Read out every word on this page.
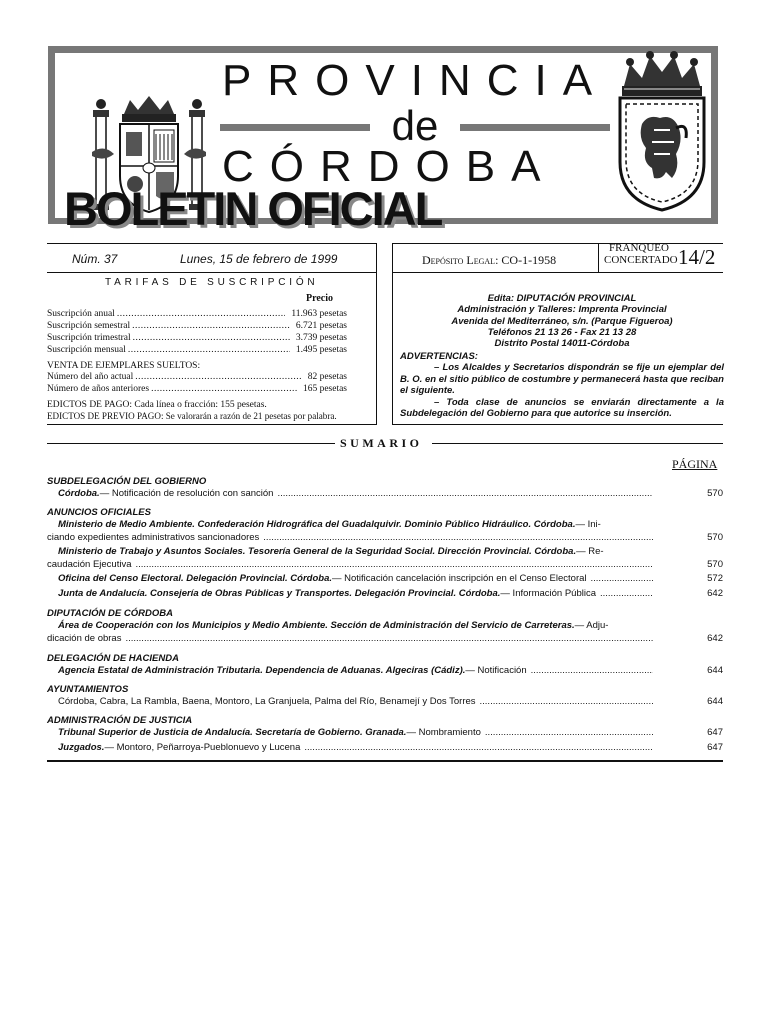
PROVINCIA
de
CÓRDOBA
BOLETIN OFICIAL
Núm. 37	Lunes, 15 de febrero de 1999	Depósito Legal: CO-1-1958
FRANQUEO
CONCERTADO 14/2
TARIFAS DE SUSCRIPCIÓN
Precio
Suscripción anual .....	11.963 pesetas
Suscripción semestral .....	6.721 pesetas
Suscripción trimestral .....	3.739 pesetas
Suscripción mensual .....	1.495 pesetas
VENTA DE EJEMPLARES SUELTOS:
Número del año actual .....	82 pesetas
Número de años anteriores .....	165 pesetas
EDICTOS DE PAGO: Cada línea o fracción: 155 pesetas.
EDICTOS DE PREVIO PAGO: Se valorarán a razón de 21 pesetas por palabra.
Edita: DIPUTACIÓN PROVINCIAL
Administración y Talleres: Imprenta Provincial
Avenida del Mediterráneo, s/n. (Parque Figueroa)
Teléfonos 21 13 26 - Fax 21 13 28
Distrito Postal 14011-Córdoba
ADVERTENCIAS:
– Los Alcaldes y Secretarios dispondrán se fije un ejemplar del B. O. en el sitio público de costumbre y permanecerá hasta que reciban el siguiente.
– Toda clase de anuncios se enviarán directamente a la Subdelegación del Gobierno para que autorice su inserción.
SUMARIO
PÁGINA
SUBDELEGACIÓN DEL GOBIERNO
Córdoba. — Notificación de resolución con sanción .....	570
ANUNCIOS OFICIALES
Ministerio de Medio Ambiente. Confederación Hidrográfica del Guadalquivir. Dominio Público Hidráulico. Córdoba. — Ini-
ciando expedientes administrativos sancionadores .....	570
Ministerio de Trabajo y Asuntos Sociales. Tesorería General de la Seguridad Social. Dirección Provincial. Córdoba. — Re-
caudación Ejecutiva .....	570
Oficina del Censo Electoral. Delegación Provincial. Córdoba. — Notificación cancelación inscripción en el Censo Electoral .....	572
Junta de Andalucía. Consejería de Obras Públicas y Transportes. Delegación Provincial. Córdoba. — Información Pública .....	642
DIPUTACIÓN DE CÓRDOBA
Área de Cooperación con los Municipios y Medio Ambiente. Sección de Administración del Servicio de Carreteras. — Adju-
dicación de obras .....	642
DELEGACIÓN DE HACIENDA
Agencia Estatal de Administración Tributaria. Dependencia de Aduanas. Algeciras (Cádiz). — Notificación .....	644
AYUNTAMIENTOS
Córdoba, Cabra, La Rambla, Baena, Montoro, La Granjuela, Palma del Río, Benamejí y Dos Torres .....	644
ADMINISTRACIÓN DE JUSTICIA
Tribunal Superior de Justicia de Andalucía. Secretaría de Gobierno. Granada. — Nombramiento .....	647
Juzgados. — Montoro, Peñarroya-Pueblonuevo y Lucena .....	647
